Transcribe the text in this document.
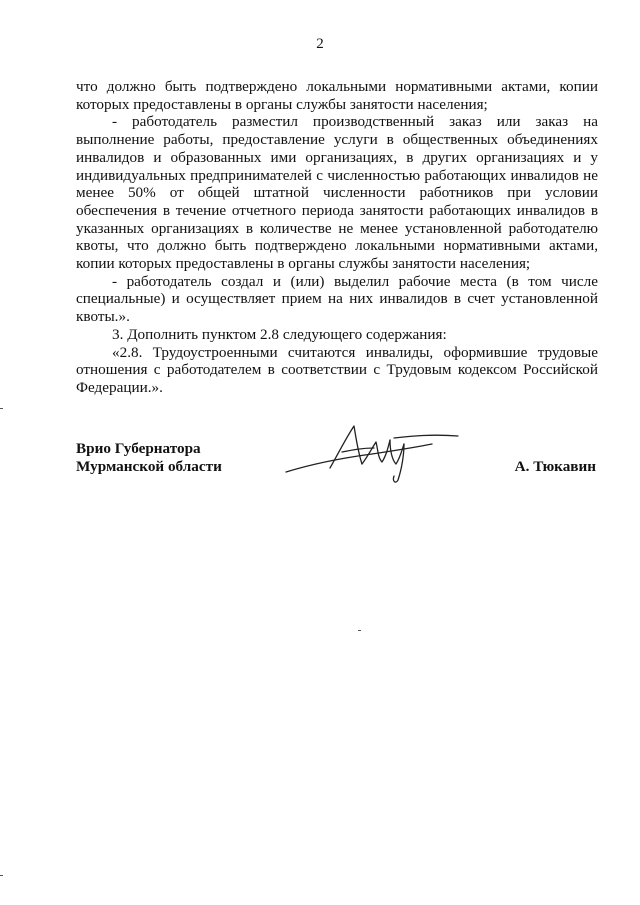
2

что должно быть подтверждено локальными нормативными актами, копии которых предоставлены в органы службы занятости населения;

- работодатель разместил производственный заказ или заказ на выполнение работы, предоставление услуги в общественных объединениях инвалидов и образованных ими организациях, в других организациях и у индивидуальных предпринимателей с численностью работающих инвалидов не менее 50% от общей штатной численности работников при условии обеспечения в течение отчетного периода занятости работающих инвалидов в указанных организациях в количестве не менее установленной работодателю квоты, что должно быть подтверждено локальными нормативными актами, копии которых предоставлены в органы службы занятости населения;

- работодатель создал и (или) выделил рабочие места (в том числе специальные) и осуществляет прием на них инвалидов в счет установленной квоты.».

3. Дополнить пунктом 2.8 следующего содержания:

«2.8. Трудоустроенными считаются инвалиды, оформившие трудовые отношения с работодателем в соответствии с Трудовым кодексом Российской Федерации.».

Врио Губернатора
Мурманской области	А. Тюкавин
